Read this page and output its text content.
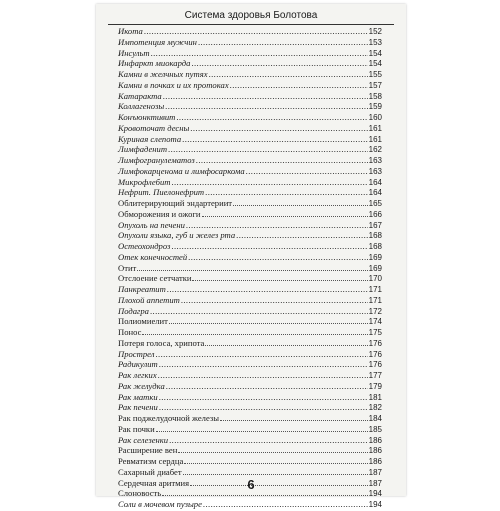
Система здоровья Болотова
Икота .....	152
Импотенция мужчин .....	153
Инсульт .....	154
Инфаркт миокарда .....	154
Камни в желчных путях .....	155
Камни в почках и их протоках .....	157
Катаракта .....	158
Коллагенозы .....	159
Конъюнктивит .....	160
Кровоточат десны .....	161
Куриная слепота .....	161
Лимфаденит .....	162
Лимфогранулематоз .....	163
Лимфокарценома и лимфосаркома .....	163
Микрофлебит .....	164
Нефрит. Пиелонефрит .....	164
Облитерирующий эндартериит	165
Обморожения и ожоги	166
Опухоль на печени .....	167
Опухоли языка, губ и желез рта .....	168
Остеохондроз .....	168
Отек конечностей .....	169
Отит	169
Отслоение сетчатки	170
Панкреатит .....	171
Плохой аппетит .....	171
Подагра .....	172
Полиомиелит	174
Понос	175
Потеря голоса, хрипота	176
Прострел .....	176
Радикулит .....	176
Рак легких .....	177
Рак желудка .....	179
Рак матки .....	181
Рак печени .....	182
Рак поджелудочной железы	184
Рак почки	185
Рак селезенки .....	186
Расширение вен	186
Ревматизм сердца	186
Сахарный диабет	187
Сердечная аритмия	187
Слоновость	194
Соли в мочевом пузыре .....	194
6
